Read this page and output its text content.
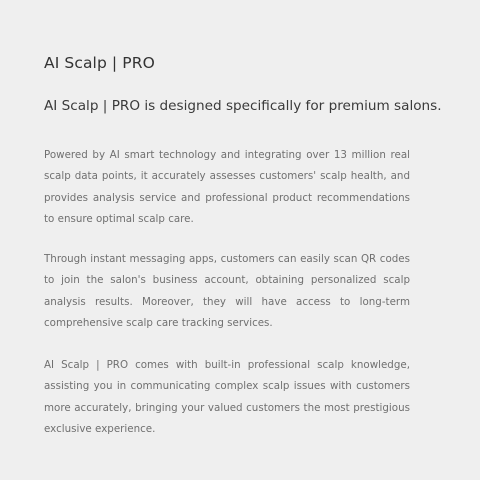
AI Scalp | PRO
AI Scalp | PRO is designed specifically for premium salons.

Powered by AI smart technology and integrating over 13 million real scalp data points, it accurately assesses customers' scalp health, and provides analysis service and professional product recommendations to ensure optimal scalp care.

Through instant messaging apps, customers can easily scan QR codes to join the salon's business account, obtaining personalized scalp analysis results. Moreover, they will have access to long-term comprehensive scalp care tracking services.

AI Scalp | PRO comes with built-in professional scalp knowledge, assisting you in communicating complex scalp issues with customers more accurately, bringing your valued customers the most prestigious exclusive experience.
